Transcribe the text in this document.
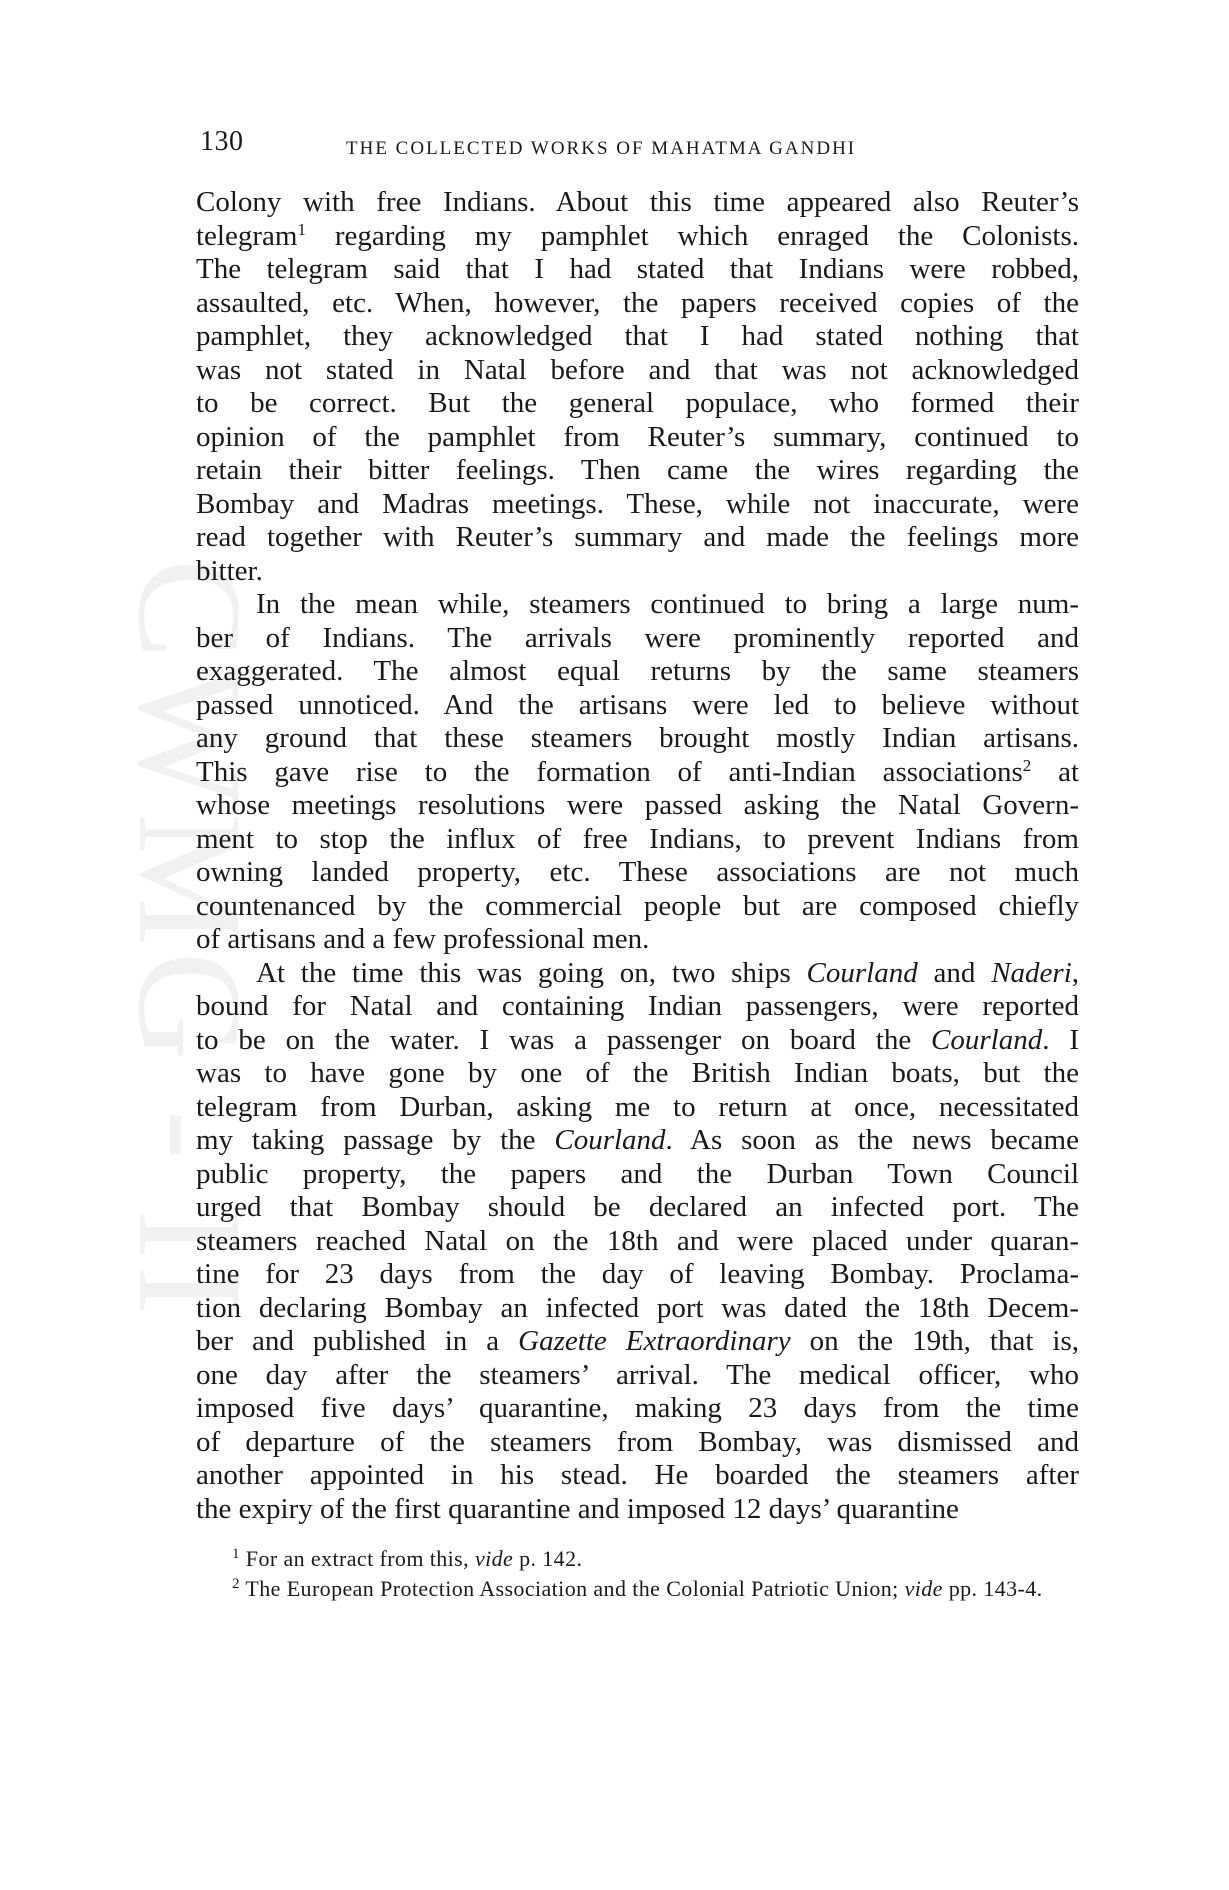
CWMG II
130	THE COLLECTED WORKS OF MAHATMA GANDHI

Colony with free Indians. About this time appeared also Reuter’s
telegram$^1$ regarding my pamphlet which enraged the Colonists.
The telegram said that I had stated that Indians were robbed,
assaulted, etc. When, however, the papers received copies of the
pamphlet, they acknowledged that I had stated nothing that
was not stated in Natal before and that was not acknowledged
to be correct. But the general populace, who formed their
opinion of the pamphlet from Reuter’s summary, continued to
retain their bitter feelings. Then came the wires regarding the
Bombay and Madras meetings. These, while not inaccurate, were
read together with Reuter’s summary and made the feelings more
bitter.

In the mean while, steamers continued to bring a large num-
ber of Indians. The arrivals were prominently reported and
exaggerated. The almost equal returns by the same steamers
passed unnoticed. And the artisans were led to believe without
any ground that these steamers brought mostly Indian artisans.
This gave rise to the formation of anti-Indian associations$^2$ at
whose meetings resolutions were passed asking the Natal Govern-
ment to stop the influx of free Indians, to prevent Indians from
owning landed property, etc. These associations are not much
countenanced by the commercial people but are composed chiefly
of artisans and a few professional men.

At the time this was going on, two ships Courland and Naderi,
bound for Natal and containing Indian passengers, were reported
to be on the water. I was a passenger on board the Courland. I
was to have gone by one of the British Indian boats, but the
telegram from Durban, asking me to return at once, necessitated
my taking passage by the Courland. As soon as the news became
public property, the papers and the Durban Town Council
urged that Bombay should be declared an infected port. The
steamers reached Natal on the 18th and were placed under quaran-
tine for 23 days from the day of leaving Bombay. Proclama-
tion declaring Bombay an infected port was dated the 18th Decem-
ber and published in a Gazette Extraordinary on the 19th, that is,
one day after the steamers’ arrival. The medical officer, who
imposed five days’ quarantine, making 23 days from the time
of departure of the steamers from Bombay, was dismissed and
another appointed in his stead. He boarded the steamers after
the expiry of the first quarantine and imposed 12 days’ quarantine

$^1$ For an extract from this, vide p. 142.

$^2$ The European Protection Association and the Colonial Patriotic Union; vide pp. 143-4.
